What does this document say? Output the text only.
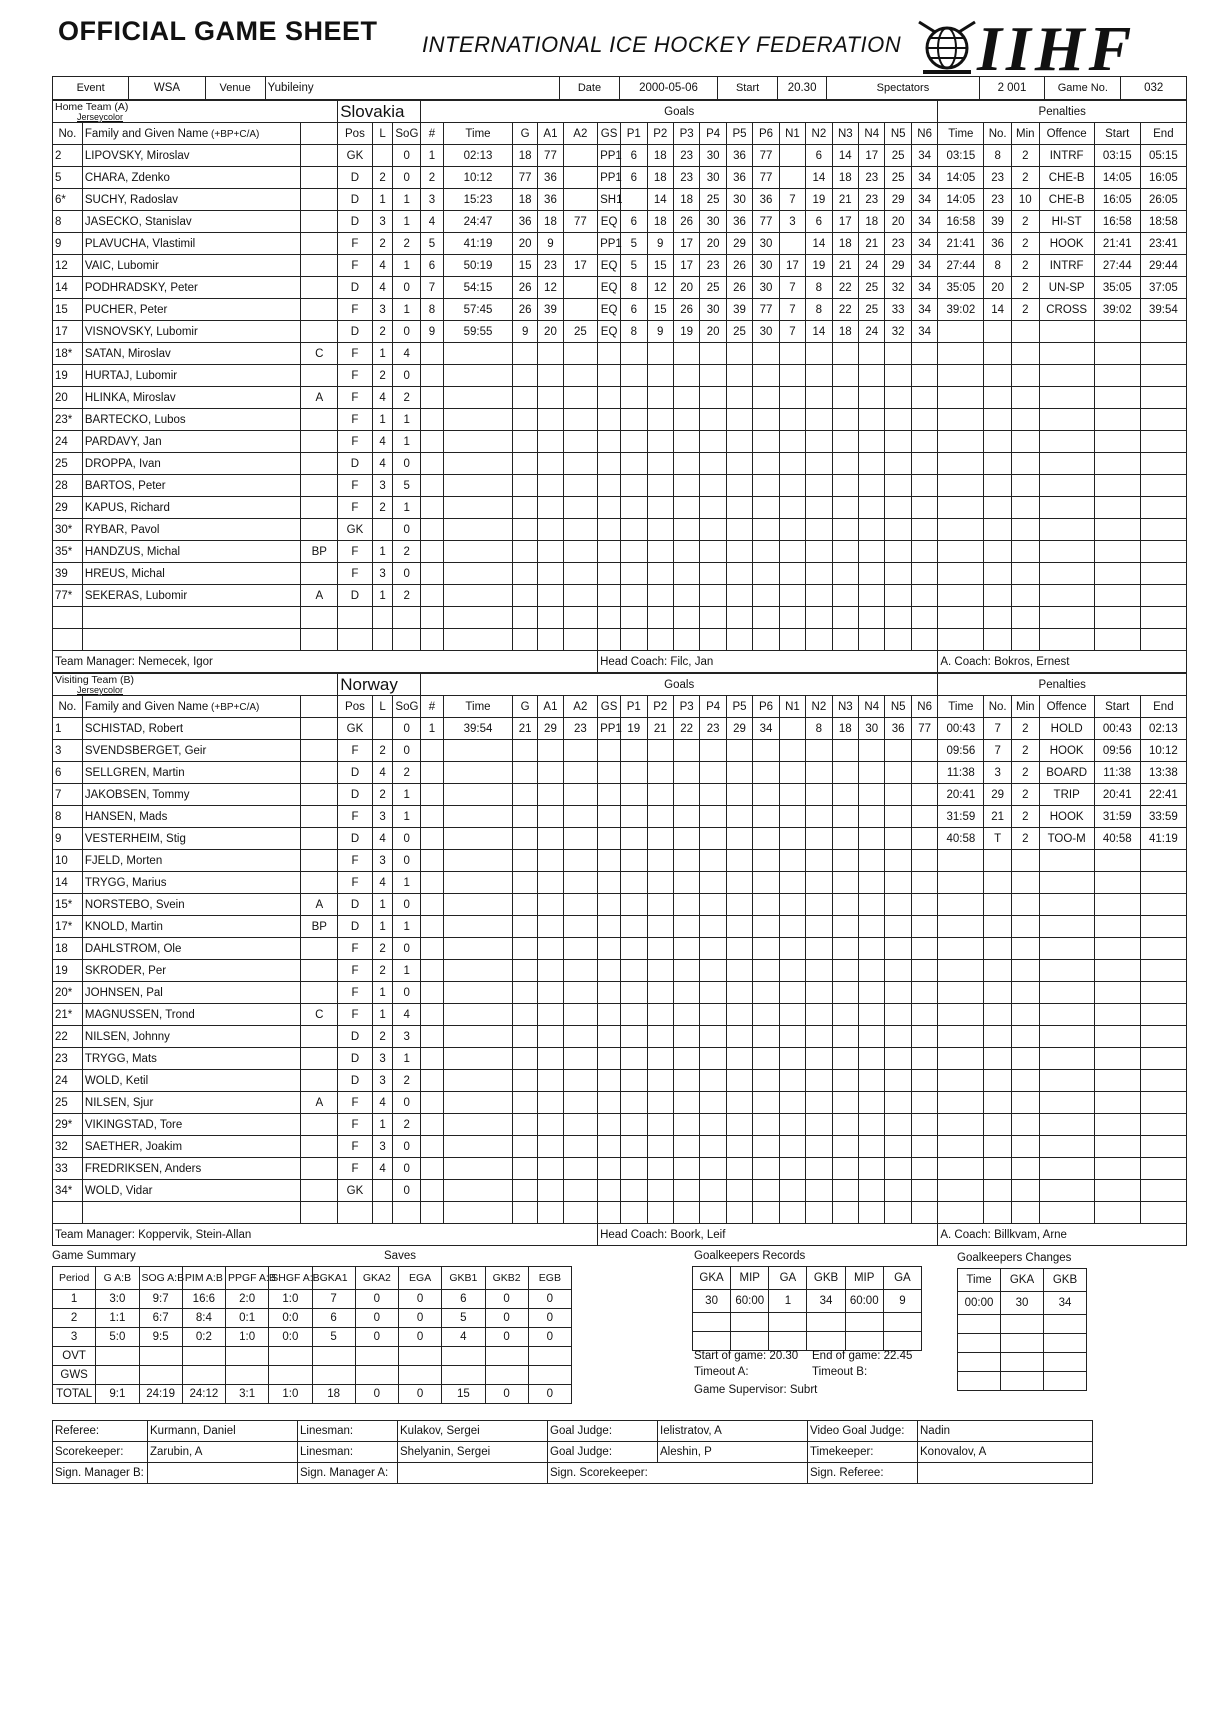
OFFICIAL GAME SHEET INTERNATIONAL ICE HOCKEY FEDERATION IIHF
Event	WSA	Venue	Yubileiny	Date	2000-05-06	Start	20.30	Spectators	2 001	Game No.	032
Home Team (A)
Jerseycolor			Slovakia			Goals																		Penalties					
No.	Family and Given Name (+BP+C/A)		Pos	L	SoG	#	Time	G	A1	A2	GS	P1	P2	P3	P4	P5	P6	N1	N2	N3	N4	N5	N6	Time	No.	Min	Offence	Start	End
2	LIPOVSKY, Miroslav		GK		0	1	02:13	18	77		PP1	6	18	23	30	36	77		6	14	17	25	34	03:15	8	2	INTRF	03:15	05:15
5	CHARA, Zdenko		D	2	0	2	10:12	77	36		PP1	6	18	23	30	36	77		14	18	23	25	34	14:05	23	2	CHE-B	14:05	16:05
6*	SUCHY, Radoslav		D	1	1	3	15:23	18	36		SH1		14	18	25	30	36	7	19	21	23	29	34	14:05	23	10	CHE-B	16:05	26:05
8	JASECKO, Stanislav		D	3	1	4	24:47	36	18	77	EQ	6	18	26	30	36	77	3	6	17	18	20	34	16:58	39	2	HI-ST	16:58	18:58
9	PLAVUCHA, Vlastimil		F	2	2	5	41:19	20	9		PP1	5	9	17	20	29	30		14	18	21	23	34	21:41	36	2	HOOK	21:41	23:41
12	VAIC, Lubomir		F	4	1	6	50:19	15	23	17	EQ	5	15	17	23	26	30	17	19	21	24	29	34	27:44	8	2	INTRF	27:44	29:44
14	PODHRADSKY, Peter		D	4	0	7	54:15	26	12		EQ	8	12	20	25	26	30	7	8	22	25	32	34	35:05	20	2	UN-SP	35:05	37:05
15	PUCHER, Peter		F	3	1	8	57:45	26	39		EQ	6	15	26	30	39	77	7	8	22	25	33	34	39:02	14	2	CROSS	39:02	39:54
17	VISNOVSKY, Lubomir		D	2	0	9	59:55	9	20	25	EQ	8	9	19	20	25	30	7	14	18	24	32	34						
18*	SATAN, Miroslav	C	F	1	4																								
19	HURTAJ, Lubomir		F	2	0																								
20	HLINKA, Miroslav	A	F	4	2																								
23*	BARTECKO, Lubos		F	1	1																								
24	PARDAVY, Jan		F	4	1																								
25	DROPPA, Ivan		D	4	0																								
28	BARTOS, Peter		F	3	5																								
29	KAPUS, Richard		F	2	1																								
30*	RYBAR, Pavol		GK		0																								
35*	HANDZUS, Michal	BP	F	1	2																								
39	HREUS, Michal		F	3	0																								
77*	SEKERAS, Lubomir	A	D	1	2																								

Team Manager: Nemecek, Igor											Head Coach: Filc, Jan													A. Coach: Bokros, Ernest					
Visiting Team (B)
Jerseycolor			Norway			Goals																		Penalties					
No.	Family and Given Name (+BP+C/A)		Pos	L	SoG	#	Time	G	A1	A2	GS	P1	P2	P3	P4	P5	P6	N1	N2	N3	N4	N5	N6	Time	No.	Min	Offence	Start	End
1	SCHISTAD, Robert		GK		0	1	39:54	21	29	23	PP1	19	21	22	23	29	34		8	18	30	36	77	00:43	7	2	HOLD	00:43	02:13
3	SVENDSBERGET, Geir		F	2	0																			09:56	7	2	HOOK	09:56	10:12
6	SELLGREN, Martin		D	4	2																			11:38	3	2	BOARD	11:38	13:38
7	JAKOBSEN, Tommy		D	2	1																			20:41	29	2	TRIP	20:41	22:41
8	HANSEN, Mads		F	3	1																			31:59	21	2	HOOK	31:59	33:59
9	VESTERHEIM, Stig		D	4	0																			40:58	T	2	TOO-M	40:58	41:19
10	FJELD, Morten		F	3	0																								
14	TRYGG, Marius		F	4	1																								
15*	NORSTEBO, Svein	A	D	1	0																								
17*	KNOLD, Martin	BP	D	1	1																								
18	DAHLSTROM, Ole		F	2	0																								
19	SKRODER, Per		F	2	1																								
20*	JOHNSEN, Pal		F	1	0																								
21*	MAGNUSSEN, Trond	C	F	1	4																								
22	NILSEN, Johnny		D	2	3																								
23	TRYGG, Mats		D	3	1																								
24	WOLD, Ketil		D	3	2																								
25	NILSEN, Sjur	A	F	4	0																								
29*	VIKINGSTAD, Tore		F	1	2																								
32	SAETHER, Joakim		F	3	0																								
33	FREDRIKSEN, Anders		F	4	0																								
34*	WOLD, Vidar		GK		0																								

Team Manager: Koppervik, Stein-Allan											Head Coach: Boork, Leif													A. Coach: Billkvam, Arne					
Game Summary	Saves
Period	G A:B	SOG A:B	PIM A:B	PPGF A:B	SHGF A:B	GKA1	GKA2	EGA	GKB1	GKB2	EGB
1	3:0	9:7	16:6	2:0	1:0	7	0	0	6	0	0
2	1:1	6:7	8:4	0:1	0:0	6	0	0	5	0	0
3	5:0	9:5	0:2	1:0	0:0	5	0	0	4	0	0
OVT											
GWS											
TOTAL	9:1	24:19	24:12	3:1	1:0	18	0	0	15	0	0
Goalkeepers Records
GKA	MIP	GA	GKB	MIP	GA
30	60:00	1	34	60:00	9

Start of game: 20.30 End of game: 22.45
Timeout A:	Timeout B:
Game Supervisor: Subrt
Goalkeepers Changes
Time	GKA	GKB
00:00	30	34

Referee:	Kurmann, Daniel	Linesman:	Kulakov, Sergei	Goal Judge:	Ielistratov, A	Video Goal Judge:	Nadin
Scorekeeper:	Zarubin, A	Linesman:	Shelyanin, Sergei	Goal Judge:	Aleshin, P	Timekeeper:	Konovalov, A
Sign. Manager B:		Sign. Manager A:		Sign. Scorekeeper:		Sign. Referee:	
